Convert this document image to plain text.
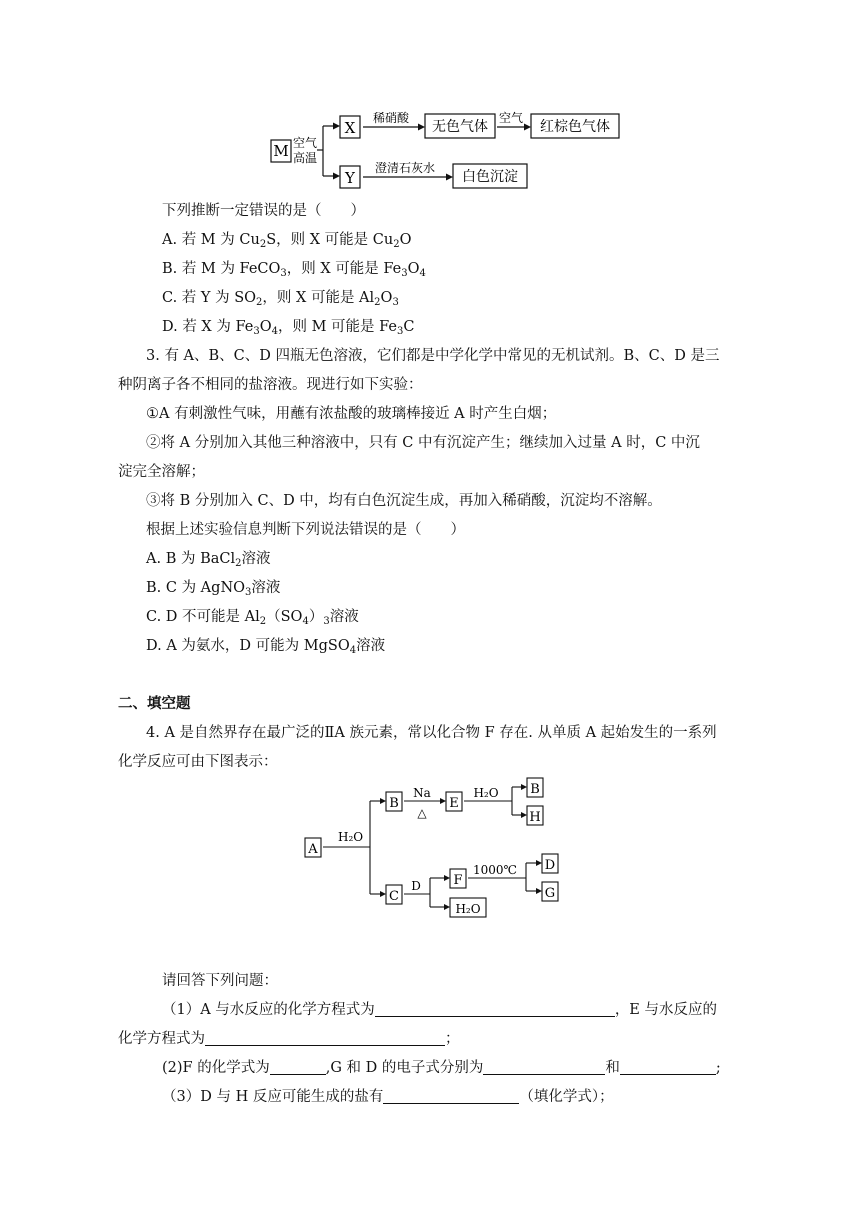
M 空气
高温
X
Y
稀硝酸
无色气体
空气
红棕色气体
澄清石灰水
白色沉淀
下列推断一定错误的是（　　）
A. 若 M 为 $Cu_2S$，则 X 可能是 $Cu_2O$
B. 若 M 为 FeCO$_3$，则 X 可能是 $Fe_3O_4$
C. 若 Y 为 $SO_2$，则 X 可能是 $Al_2O_3$
D. 若 X 为 $Fe_3O_4$，则 M 可能是 $Fe_3C$
3. 有 A、B、C、D 四瓶无色溶液，它们都是中学化学中常见的无机试剂。B、C、D 是三
种阴离子各不相同的盐溶液。现进行如下实验：
①A 有刺激性气味，用蘸有浓盐酸的玻璃棒接近 A 时产生白烟；
②将 A 分别加入其他三种溶液中，只有 C 中有沉淀产生；继续加入过量 A 时，C 中沉
淀完全溶解；
③将 B 分别加入 C、D 中，均有白色沉淀生成，再加入稀硝酸，沉淀均不溶解。
根据上述实验信息判断下列说法错误的是（　　）
A. B 为 BaCl$_2$溶液
B. C 为 AgNO$_3$溶液
C. D 不可能是 $Al_2(SO_4)_3$溶液
D. A 为氨水，D 可能为 MgSO$_4$溶液
二、填空题
4. A 是自然界存在最广泛的ⅡA 族元素，常以化合物 F 存在. 从单质 A 起始发生的一系列
化学反应可由下图表示：
A
H₂O
B
Na
△
E
H₂O B
H
C
D	F
1000℃ D
G
H₂O
请回答下列问题：
（1）A 与水反应的化学方程式为	，E 与水反应的
化学方程式为	；
(2)F 的化学式为	,G 和 D 的电子式分别为	和	;
（3）D 与 H 反应可能生成的盐有	（填化学式）；
